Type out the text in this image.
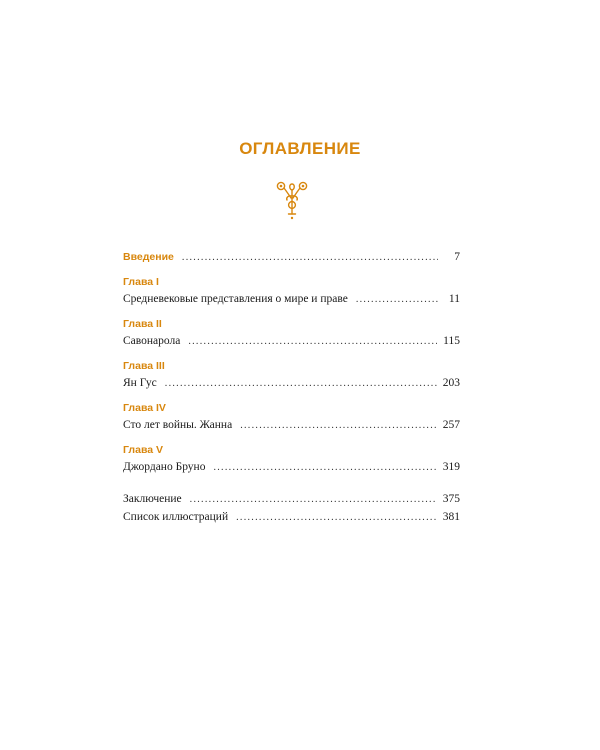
ОГЛАВЛЕНИЕ
Введение . . .	7
Глава I
Средневековые представления о мире и праве . . .	11
Глава II
Савонарола . . .	115
Глава III
Ян Гус . . .	203
Глава IV
Сто лет войны. Жанна . . .	257
Глава V
Джордано Бруно . . .	319
Заключение . . .	375
Список иллюстраций . . .	381
